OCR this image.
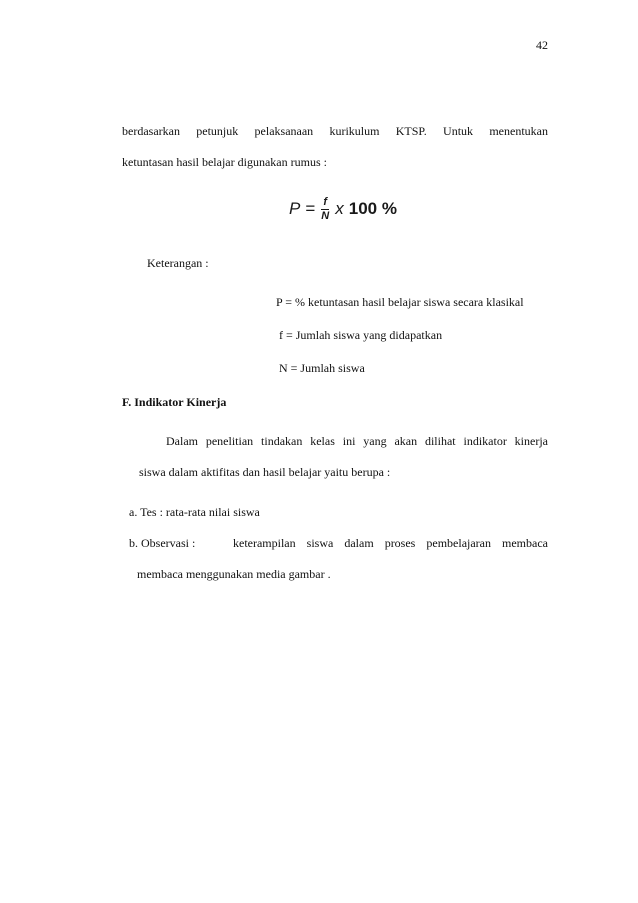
42
berdasarkan petunjuk pelaksanaan kurikulum KTSP. Untuk menentukan
ketuntasan hasil belajar digunakan rumus :
$P = \frac{f}{N}$ x 100 %
Keterangan :
P = % ketuntasan hasil belajar siswa secara klasikal
f = Jumlah siswa yang didapatkan
N = Jumlah siswa
F. Indikator Kinerja
Dalam penelitian tindakan kelas ini yang akan dilihat indikator kinerja
siswa dalam aktifitas dan hasil belajar yaitu berupa :
a. Tes : rata-rata nilai siswa
b. Observasi :	keterampilan siswa dalam proses pembelajaran membaca
membaca menggunakan media gambar .
